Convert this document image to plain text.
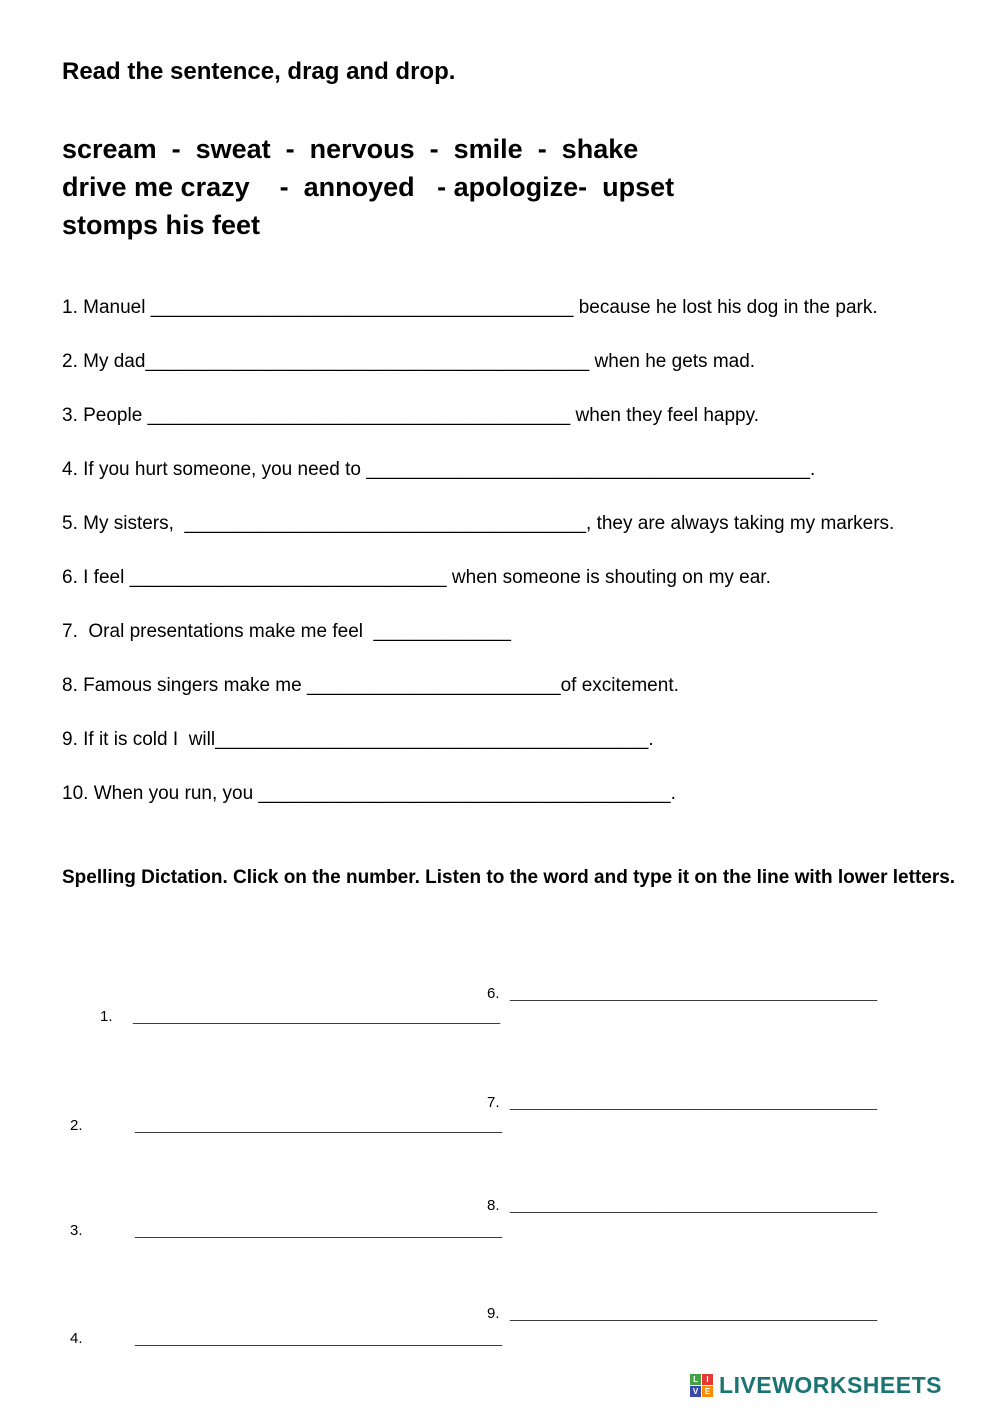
Read the sentence, drag and drop.
scream  -  sweat  -  nervous  -  smile  -  shake
drive me crazy    -  annoyed   - apologize-  upset
stomps his feet

1. Manuel ________________________________________ because he lost his dog in the park.

2. My dad__________________________________________ when he gets mad.

3. People ________________________________________ when they feel happy.

4. If you hurt someone, you need to __________________________________________.

5. My sisters,  ______________________________________, they are always taking my markers.

6. I feel ______________________________ when someone is shouting on my ear.

7.  Oral presentations make me feel  _____________

8. Famous singers make me ________________________of excitement.

9. If it is cold I  will_________________________________________.

10. When you run, you _______________________________________.

Spelling Dictation. Click on the number. Listen to the word and type it on the line with lower letters.
6. ____________________________________________
1. ____________________________________________
7. ____________________________________________
2.	____________________________________________
8. ____________________________________________
3.	____________________________________________
9. ____________________________________________
4.	____________________________________________
L	I
V E LIVEWORKSHEETS
